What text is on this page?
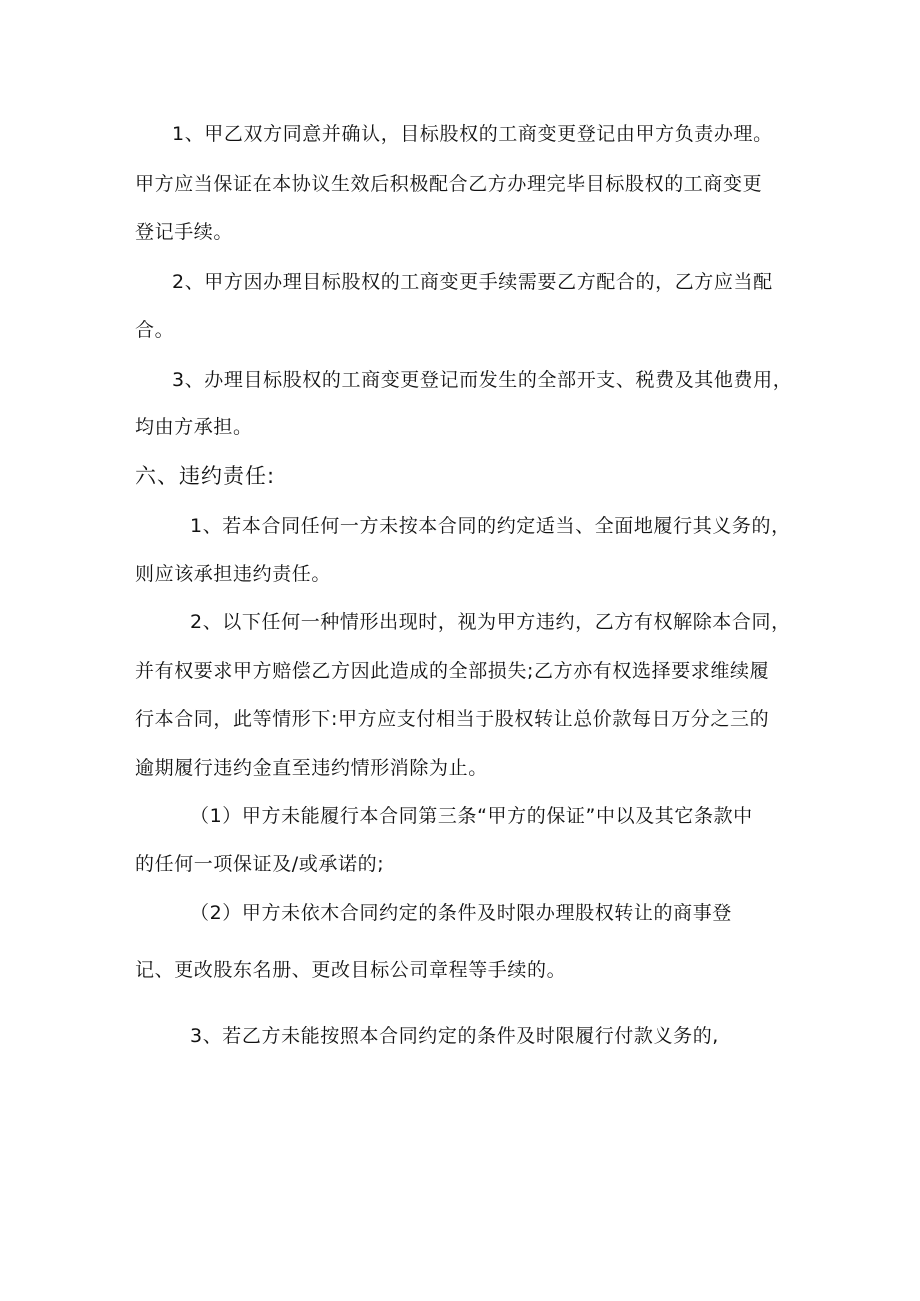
1、甲乙双方同意并确认，目标股权的工商变更登记由甲方负责办理。
甲方应当保证在本协议生效后积极配合乙方办理完毕目标股权的工商变更
登记手续。
2、甲方因办理目标股权的工商变更手续需要乙方配合的，乙方应当配
合。
3、办理目标股权的工商变更登记而发生的全部开支、税费及其他费用，
均由方承担。
六、违约责任:
1、若本合同任何一方未按本合同的约定适当、全面地履行其义务的，
则应该承担违约责任。
2、以下任何一种情形出现时，视为甲方违约，乙方有权解除本合同，
并有权要求甲方赔偿乙方因此造成的全部损失;乙方亦有权选择要求维续履
行本合同，此等情形下:甲方应支付相当于股权转让总价款每日万分之三的
逾期履行违约金直至违约情形消除为止。
（1）甲方未能履行本合同第三条“甲方的保证”中以及其它条款中
的任何一项保证及/或承诺的;
（2）甲方未依木合同约定的条件及时限办理股权转让的商事登
记、更改股东名册、更改目标公司章程等手续的。
3、若乙方未能按照本合同约定的条件及时限履行付款义务的,
